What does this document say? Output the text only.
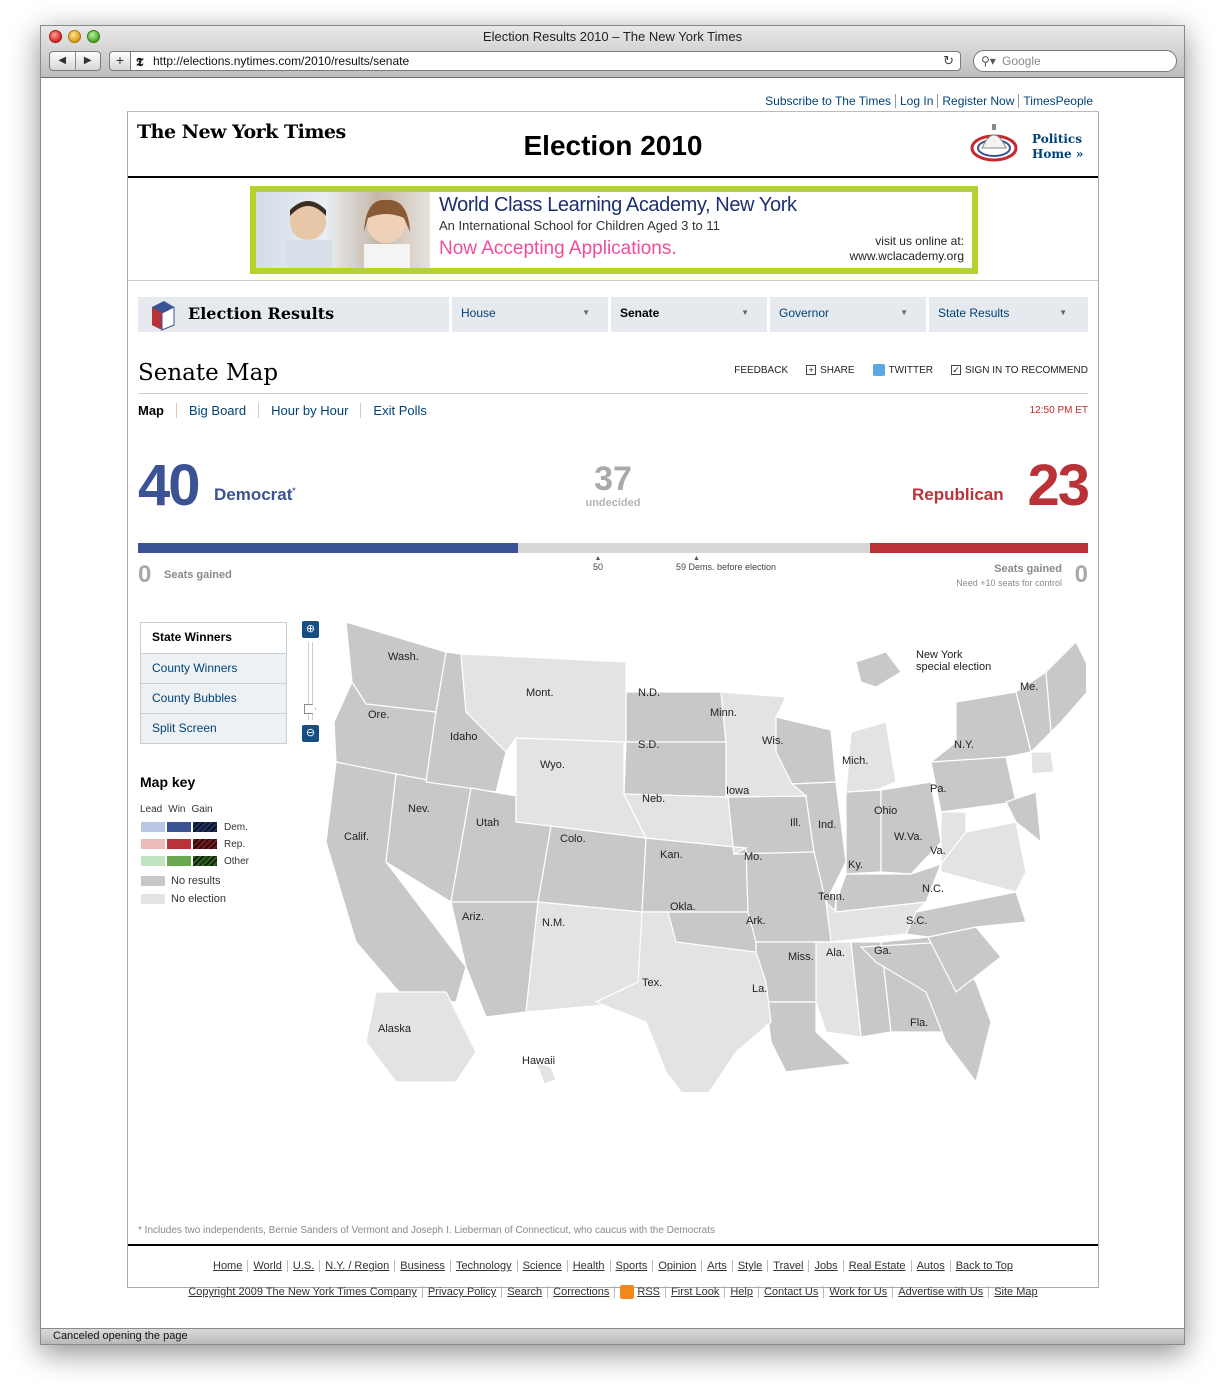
Election Results 2010 – The New York Times
◀	▶	+ 𝕿 http://elections.nytimes.com/2010/results/senate	↻ ⚲▾ Google
Subscribe to The Times Log In Register Now TimesPeople
The New York Times	Election 2010	Politics
Home »
World Class Learning Academy, New York
An International School for Children Aged 3 to 11
Now Accepting Applications.	visit us online at:
www.wclacademy.org
Election Results	House	▼	Senate	▼	Governor	▼	State Results	▼
Senate Map	FEEDBACK + SHARE	TWITTER ✓ SIGN IN TO RECOMMEND
Map	Big Board	Hour by Hour	Exit Polls	12:50 PM ET
40 Democrat*	37
undecided	Republican 23
▲
50
▲
59 Dems. before election
0 Seats gained	Seats gained
Need +10 seats for control 0
State Winners
County Winners
County Bubbles
Split Screen
Map key
Lead Win Gain
Dem.
Rep.
Other
No results
No election
⊕
⊖
Wash.
Ore.
Calif.
Nev.
Idaho
Mont.
Wyo.
Utah
Ariz.
Colo.
N.M.
N.D.
S.D.
Neb.
Kan.
Okla.
Tex.
Minn.
Iowa
Mo.
Ark.
La.
Wis.
Ill.
Mich.
Ind.
Ohio
Ky.
Tenn.
Miss. Ala.	Ga.
Fla.
S.C.
N.C.
Va.
W.Va.
Pa.
N.Y.
Me.
Alaska
Hawaii
New York
special election
* Includes two independents, Bernie Sanders of Vermont and Joseph I. Lieberman of Connecticut, who caucus with the Democrats
Home World U.S. N.Y. / Region Business Technology Science Health Sports Opinion Arts Style Travel Jobs Real Estate Autos Back to Top
Copyright 2009 The New York Times Company Privacy Policy Search Corrections	RSS First Look Help Contact Us Work for Us Advertise with Us Site Map
Canceled opening the page
